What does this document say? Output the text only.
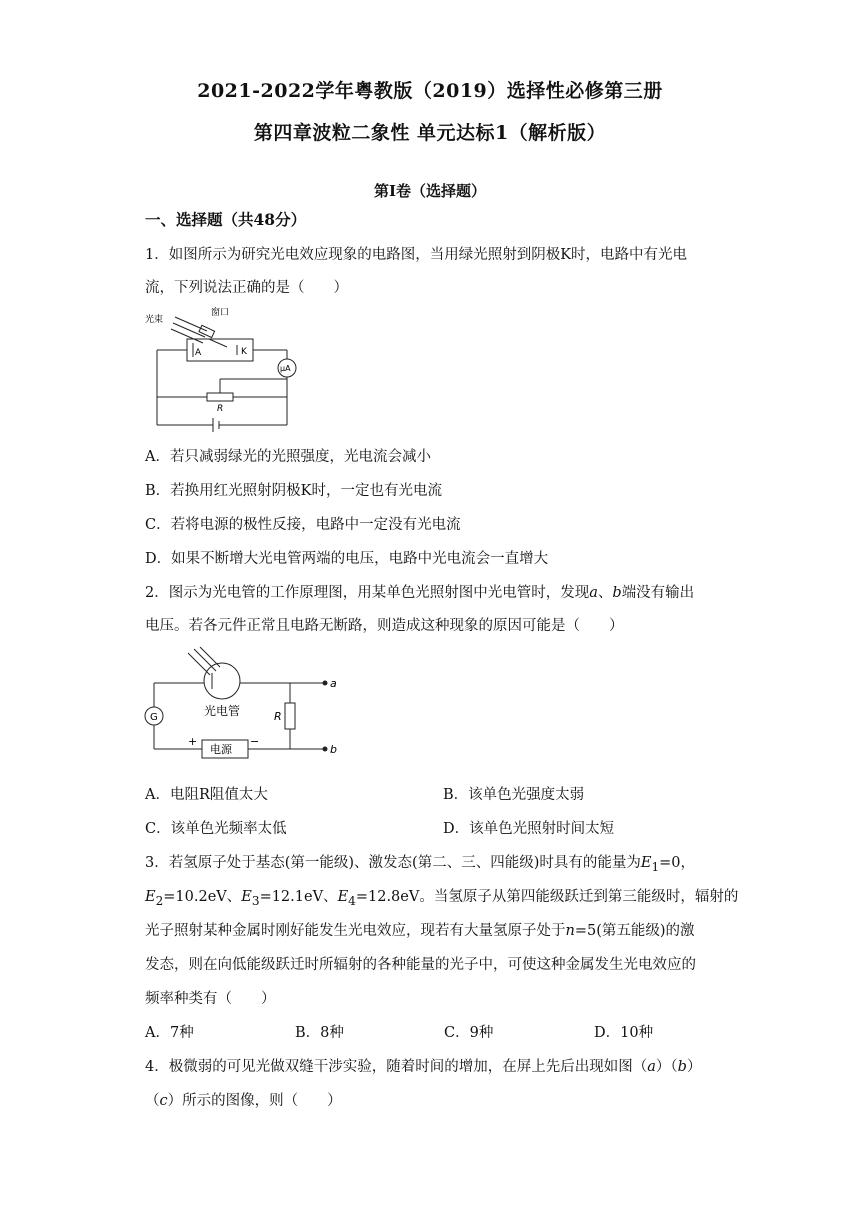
2021-2022学年粤教版（2019）选择性必修第三册
第四章波粒二象性 单元达标1（解析版）
第Ⅰ卷（选择题）
一、选择题（共48分）
1．如图所示为研究光电效应现象的电路图，当用绿光照射到阴极K时，电路中有光电
流，下列说法正确的是（　　）
光束
窗口
A	K
μA
R
A．若只减弱绿光的光照强度，光电流会减小
B．若换用红光照射阴极K时，一定也有光电流
C．若将电源的极性反接，电路中一定没有光电流
D．如果不断增大光电管两端的电压，电路中光电流会一直增大
2．图示为光电管的工作原理图，用某单色光照射图中光电管时，发现a、b端没有输出
电压。若各元件正常且电路无断路，则造成这种现象的原因可能是（　　）
G	光电管	R
电源
+	−
a
b
A．电阻R阻值太大	B．该单色光强度太弱
C．该单色光频率太低	D．该单色光照射时间太短
3．若氢原子处于基态(第一能级)、激发态(第二、三、四能级)时具有的能量为$E_1=0$，
$E_2=10.2eV$、$E_3=12.1eV$、$E_4=12.8eV$。当氢原子从第四能级跃迁到第三能级时，辐射的
光子照射某种金属时刚好能发生光电效应，现若有大量氢原子处于n=5(第五能级)的激
发态，则在向低能级跃迁时所辐射的各种能量的光子中，可使这种金属发生光电效应的
频率种类有（　　）
A．7种	B．8种	C．9种	D．10种
4．极微弱的可见光做双缝干涉实验，随着时间的增加，在屏上先后出现如图（a）（b）
（c）所示的图像，则（　　）
